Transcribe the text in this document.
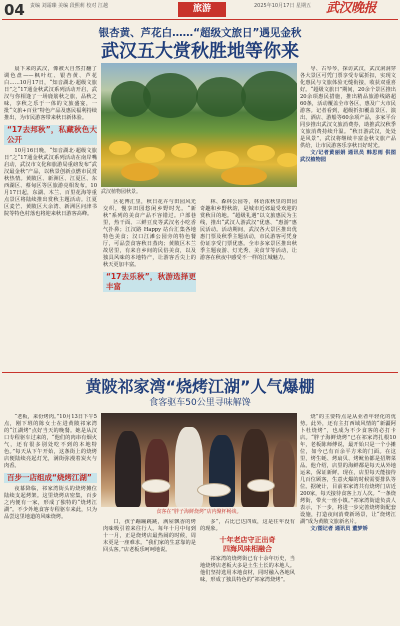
04 责编 刘霜臻 美编 段熙莉 校对 江越	旅游	2025年10月17日 星期五 武汉晚报
银杏黄、芦花白……“超级文旅日”遇见金秋
武汉五大赏秋胜地等你来

晨下来的武汉，像被大自然打翻了调色盘——枫叶红、银杏黄、芦花白……10月17日，“知音湖北·超级文旅日”之“17通金秋武汉系列活动开启，武汉与你相逢了一场鹿筋秋之旅，品秋之味，享秋之乐于一体的文旅盛宴，一批“文旅+百业”特色产品及惠民福利持续推出，为市民游客带来秋日新体验。

“17去邦秋”，私藏秋色大公开

10月16日晚，“知音湖北·超级文旅日”之“17通金秋武汉系列活动在南岸嘴启动，武汉市文化和旅游局重磅发布“武汉最金秋”产品，以秋景创新点燃市民赏秋热情。黄陂区、新洲区、江夏区、东西湖区、蔡甸区等区旅游亮相发布。10月17日起，东湖、木兰、百里花海等重点景区将陆续推出赏秋主题活动。江夏区麦芒、黄陂区大余湾、新洲区问津书院等特色村落也将迎来秋日游客高峰。

武汉植物园秋景。

区花博汇里，秋日花卉与田园风光交织，慢享田园悠闲乡野时光。“新秋”系列的美食产品不容错过。户部巷里，热干面、三鲜豆皮等武汉名小吃香气扑鼻；江汉路 Happy 站台汇集各地特色美食；汉口江滩公园旁的特色餐厅，可品尝食客秋日蒸肉；黄陂区木兰故居里，有来自乡间的民俗美食，以及独具风味的本地特产，让游客舌尖上的秋天更加丰富。

“17去乐秋”，秋游选择更丰富

林、森林公园等，林语浓秋里的田园奇趣和乡野秋韵，是城市近郊最受欢迎的赏秋目的地。“超级礼遇”以文旅惠民为主线，推出“武汉人游武汉”优惠、“惠游”惠民活动。活动期间，武汉各大景区推出优惠门票及秋季主题活动，市民游客可凭身份证享受门票优惠。全市多家景区推出秋季主题夜游、灯光秀、美食节等活动，让游客在秋夜中感受不一样的江城魅力。

导、古琴琴，探访武汉，武汉洞洞穿各大景区可凭门票享受专属折扣，实现文化惠民与文旅体验无缝衔接，收获双重喜好。“超级文旅日”期间，20余个景区推出20余项惠民措施，推出精品旅游线路超60条，活动覆盖全市各区，惠及广大市民游客。记者看到，超级折扣覆盖景区、演出、酒店、游船等60余项产品，多家平台同步推出武汉文旅消费券，助推武汉秋季文旅消费持续升温。“秋日游武汉，处处是风景”，武汉将继续丰富金秋文旅产品供给，让市民游客乐享秋日好时光。

文/记者黄丽娟 通讯员 韩思雨 供图 武汉植物园

黄陂祁家湾“烧烤江湖”人气爆棚
食客驱车50公里寻味解馋

“老板，来份烤肉。”10月13日下午5点，刚下班的陈女士在进黄陂祁家湾的“江湖烤”点好当天的晚餐。她是从汉口专程驱车过来的，“他们的肉串有烟火气，还有很多别处吃不到的本地特色。”每天从下午开始，这条街上的烧烤店便陆续亮起灯光，满街弥漫着炭火与肉香。

百步一店组成“烧烤江湖”

夜幕降临，祁家湾街头的烧烤摊位陆续支起烤架。这里烧烤店密集，百步之内便有一家，形成了独特的“烧烤江湖”。不少外地食客专程驱车来此，只为品尝这里地道的风味烧烤。

食客在“胖子海鲜烧烤”店内聚杯畅谈。

口，孩子蹦蹦跳跳，满屋飘香的烤肉味吸引着来往行人。每年十月中旬到十一月，正是烧烤店最热闹的时候，周末更是一座难求。“我们家的生意靠的是回头客。”店老板乐呵呵地说。

多”，占比已达四成，这是往年没有的现象。

十年老店守正出奇
四海风味相融合

祁家湾的烧烤街已有十余年历史，当地烧烤店老板大多是土生土长的本地人。他们坚持选用本地食材，同时融入各地风味，形成了独具特色的“祁家湾烧烤”。

烧”的主要特点是从业者年轻化的优势。此外，还有主打西域风情的“新疆阿卜杜烧烤”，也成为不少食客的必打卡店。“胖子海鲜烧烤”已在祁家湾扎根10年，老板陈师傅说，最开始只是一个小摊位，如今已有百余平方米的门面。在这里，烤生蚝、烤扇贝、烤鱿鱼都是招牌菜品。他介绍，店里的海鲜都是每天从外地运来，保证新鲜。现在，店里每天能接待几百位顾客，生意火爆的时候需要排队等位。据统计，目前祁家湾共有烧烤门店近200家，每天接待食客上万人次。“一条烧烤街，带火一座小镇。”祁家湾街道负责人表示，下一步，将进一步完善烧烤街配套设施，打造夜间消费新场景，让“烧烤江湖”成为黄陂文旅新名片。

文/图记者 通讯员 董梦娇
